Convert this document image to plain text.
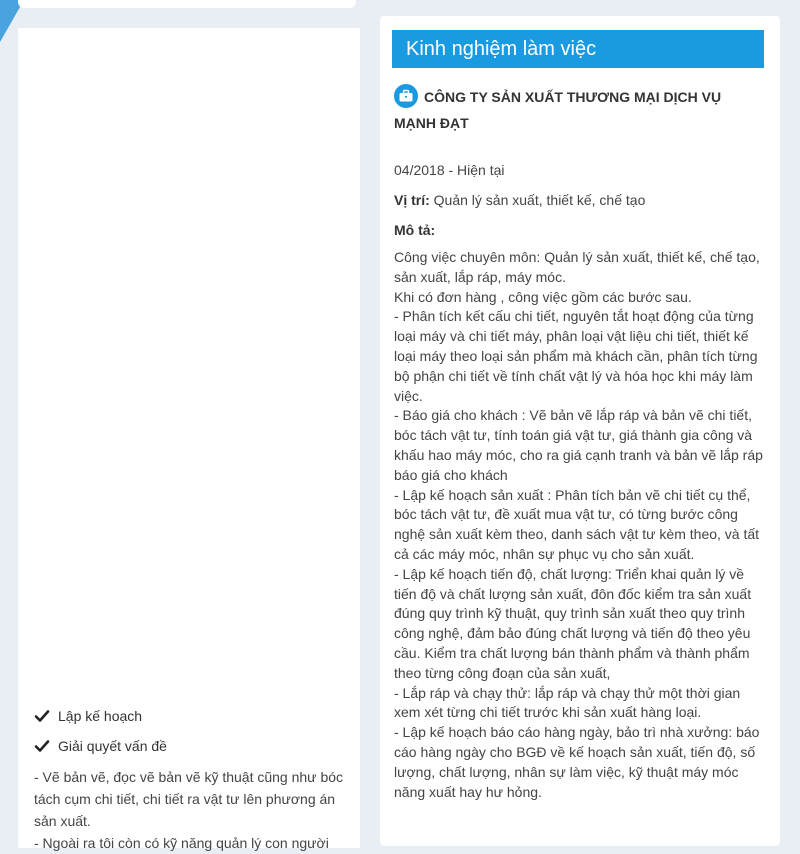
Lập kế hoạch
Giải quyết vấn đề
- Vẽ bản vẽ, đọc vẽ bản vẽ kỹ thuật cũng như bóc
tách cụm chi tiết, chi tiết ra vật tư lên phương án
sản xuất.
- Ngoài ra tôi còn có kỹ năng quản lý con người
Kinh nghiệm làm việc
CÔNG TY SẢN XUẤT THƯƠNG MẠI DỊCH VỤ MẠNH ĐẠT
04/2018 - Hiện tại
Vị trí: Quản lý sản xuất, thiết kế, chế tạo
Mô tả:
Công việc chuyên môn: Quản lý sản xuất, thiết kế, chế tạo,
sản xuất, lắp ráp, máy móc.
Khi có đơn hàng , công việc gồm các bước sau.
- Phân tích kết cấu chi tiết, nguyên tắt hoạt động của từng
loại máy và chi tiết máy, phân loại vật liệu chi tiết, thiết kế
loại máy theo loại sản phẩm mà khách cần, phân tích từng
bộ phận chi tiết về tính chất vật lý và hóa học khi máy làm
việc.
- Báo giá cho khách : Vẽ bản vẽ lắp ráp và bản vẽ chi tiết,
bóc tách vật tư, tính toán giá vật tư, giá thành gia công và
khấu hao máy móc, cho ra giá cạnh tranh và bản vẽ lắp ráp
báo giá cho khách
- Lập kế hoạch sản xuất : Phân tích bản vẽ chi tiết cụ thể,
bóc tách vật tư, đề xuất mua vật tư, có từng bước công
nghệ sản xuất kèm theo, danh sách vật tư kèm theo, và tất
cả các máy móc, nhân sự phục vụ cho sản xuất.
- Lập kế hoạch tiến độ, chất lượng: Triển khai quản lý về
tiến độ và chất lượng sản xuất, đôn đốc kiểm tra sản xuất
đúng quy trình kỹ thuật, quy trình sản xuất theo quy trình
công nghệ, đảm bảo đúng chất lượng và tiến độ theo yêu
cầu. Kiểm tra chất lượng bán thành phẩm và thành phẩm
theo từng công đoạn của sản xuất,
- Lắp ráp và chạy thử: lắp ráp và chạy thử một thời gian
xem xét từng chi tiết trước khi sản xuất hàng loại.
- Lập kế hoạch báo cáo hàng ngày, bảo trì nhà xưởng: báo
cáo hàng ngày cho BGĐ về kế hoạch sản xuất, tiến độ, số
lượng, chất lượng, nhân sự làm việc, kỹ thuật máy móc
năng xuất hay hư hỏng.
